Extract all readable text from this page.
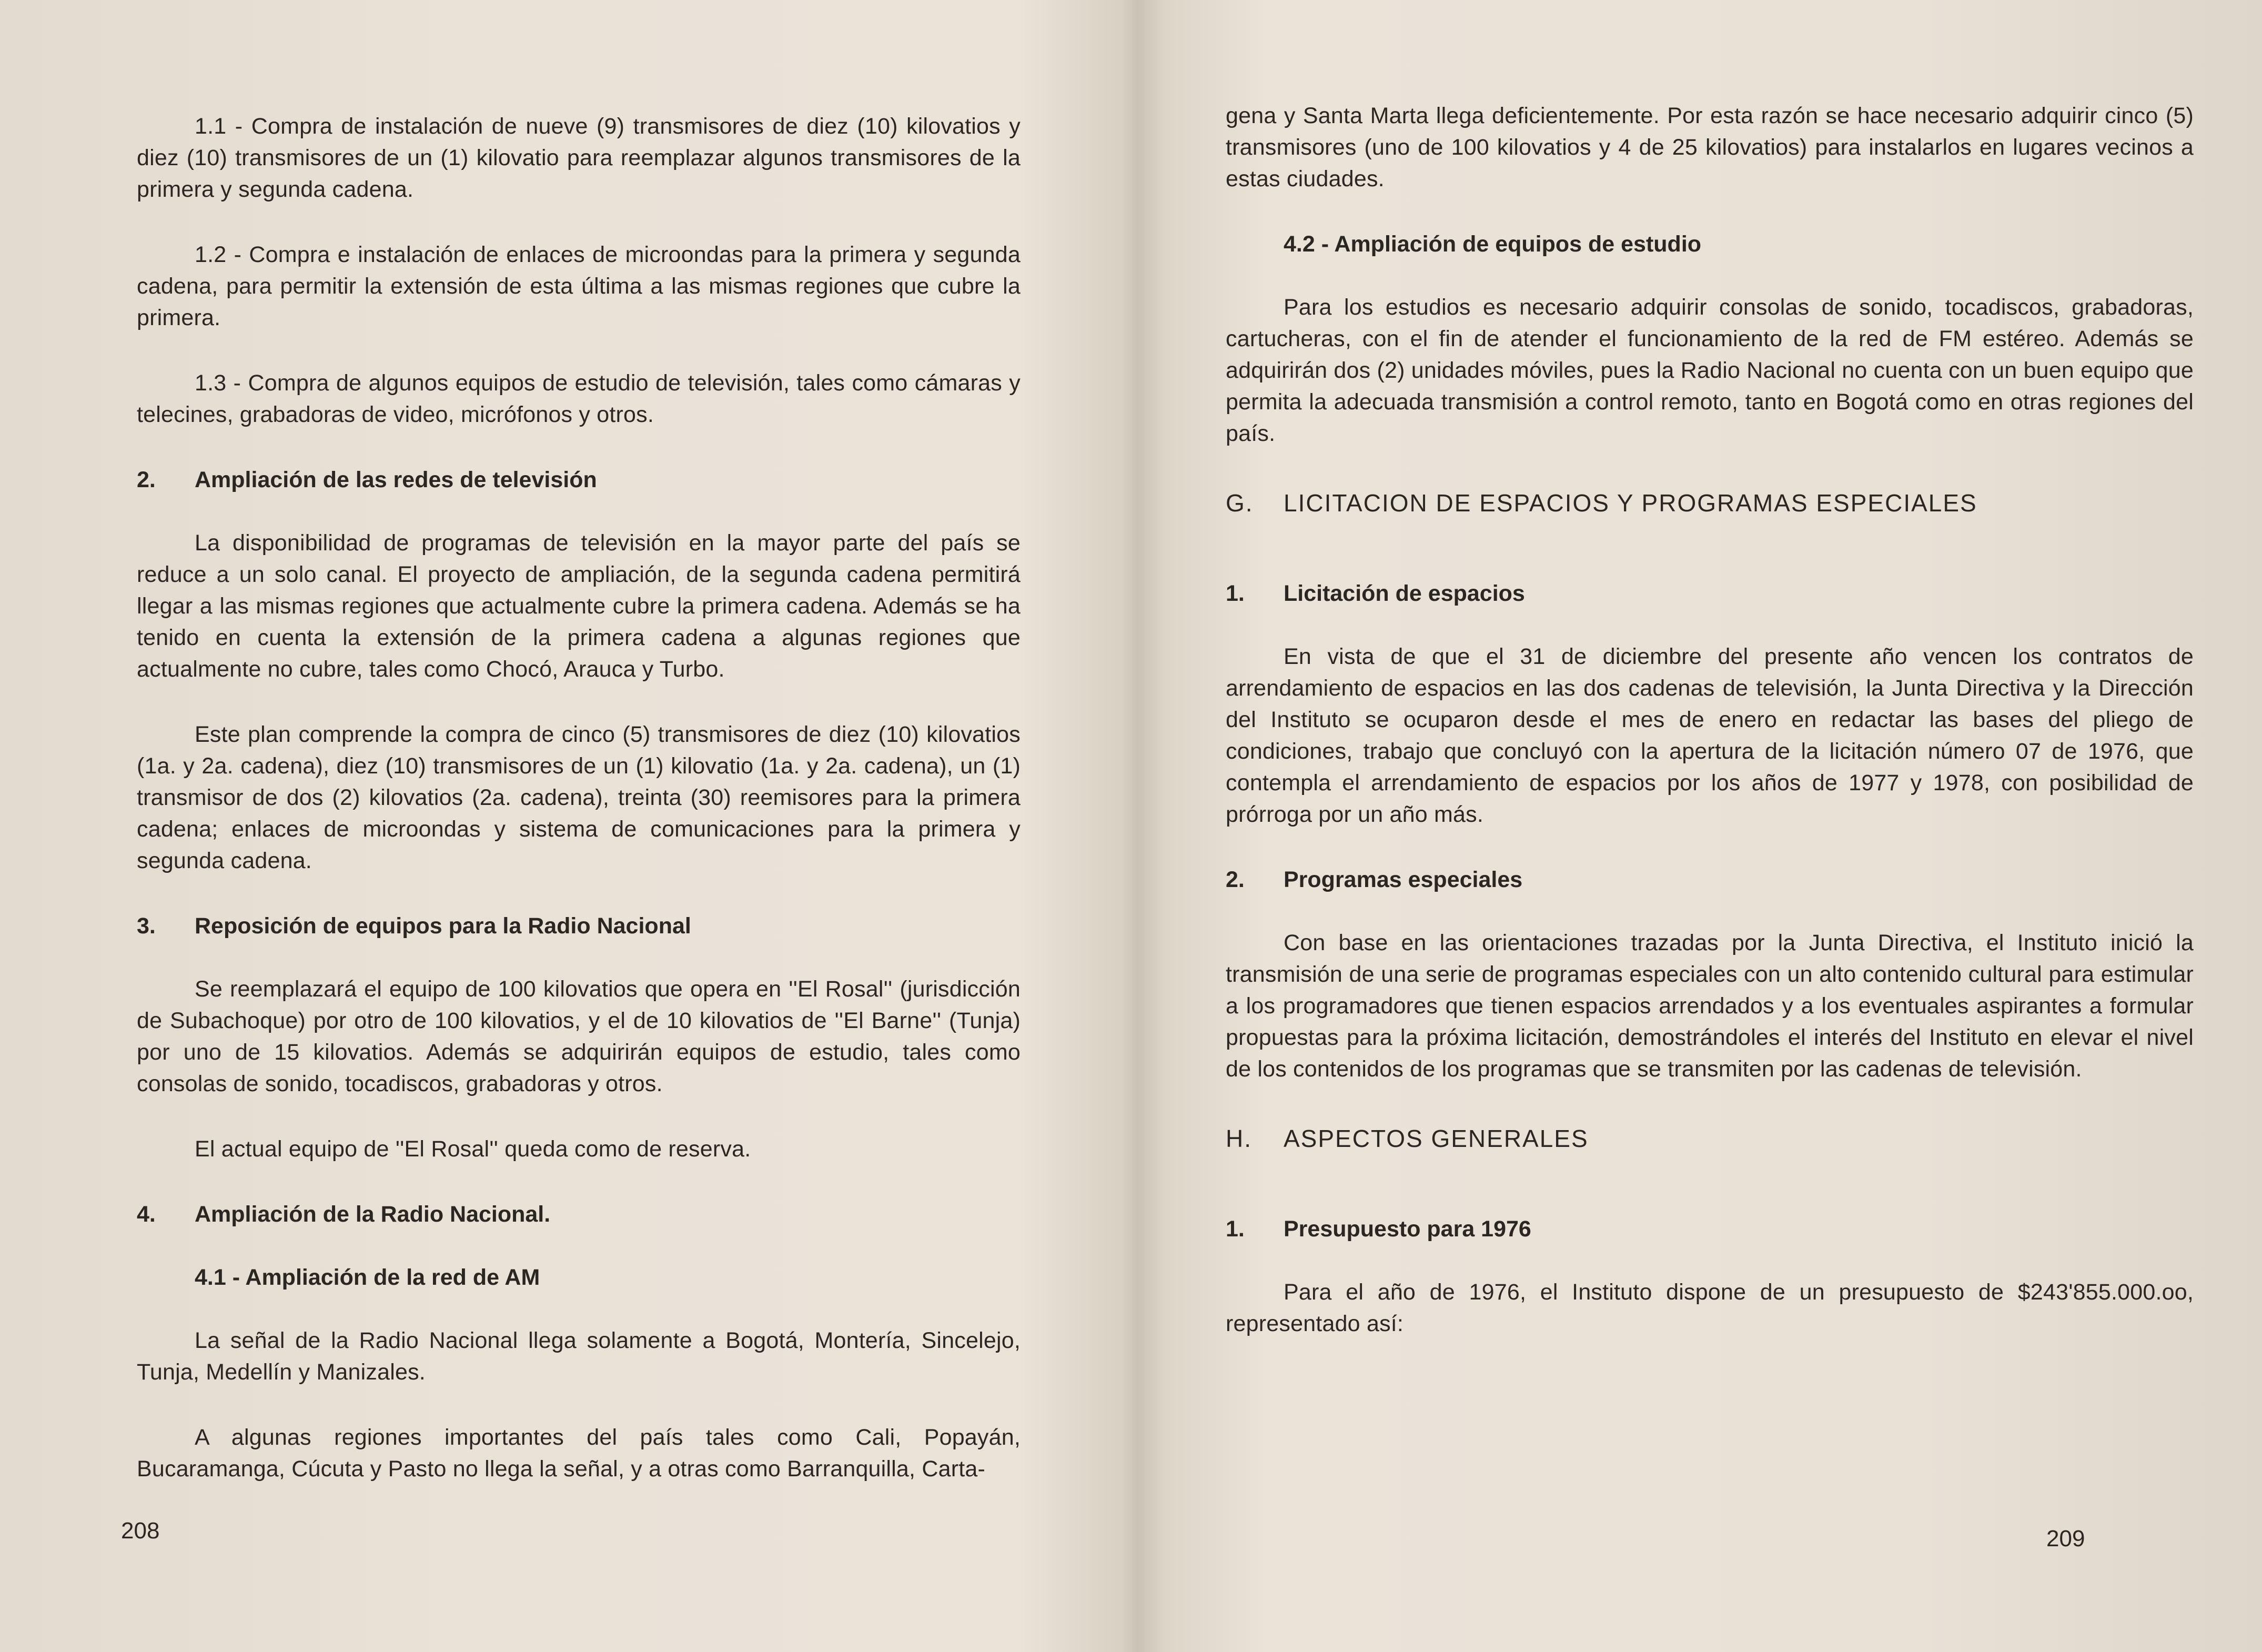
1.1 - Compra de instalación de nueve (9) transmisores de diez (10) kilovatios y diez (10) transmisores de un (1) kilovatio para reemplazar algunos transmisores de la primera y segunda cadena.

1.2 - Compra e instalación de enlaces de microondas para la primera y segunda cadena, para permitir la extensión de esta última a las mismas regiones que cubre la primera.

1.3 - Compra de algunos equipos de estudio de televisión, tales como cámaras y telecines, grabadoras de video, micrófonos y otros.

2.	Ampliación de las redes de televisión

La disponibilidad de programas de televisión en la mayor parte del país se reduce a un solo canal. El proyecto de ampliación, de la segunda cadena permitirá llegar a las mismas regiones que actualmente cubre la primera cadena. Además se ha tenido en cuenta la extensión de la primera cadena a algunas regiones que actualmente no cubre, tales como Chocó, Arauca y Turbo.

Este plan comprende la compra de cinco (5) transmisores de diez (10) kilovatios (1a. y 2a. cadena), diez (10) transmisores de un (1) kilovatio (1a. y 2a. cadena), un (1) transmisor de dos (2) kilovatios (2a. cadena), treinta (30) reemisores para la primera cadena; enlaces de microondas y sistema de comunicaciones para la primera y segunda cadena.

3.	Reposición de equipos para la Radio Nacional

Se reemplazará el equipo de 100 kilovatios que opera en ''El Rosal'' (jurisdicción de Subachoque) por otro de 100 kilovatios, y el de 10 kilovatios de ''El Barne'' (Tunja) por uno de 15 kilovatios. Además se adquirirán equipos de estudio, tales como consolas de sonido, tocadiscos, grabadoras y otros.

El actual equipo de ''El Rosal'' queda como de reserva.

4.	Ampliación de la Radio Nacional.
4.1 - Ampliación de la red de AM

La señal de la Radio Nacional llega solamente a Bogotá, Montería, Sincelejo, Tunja, Medellín y Manizales.

A algunas regiones importantes del país tales como Cali, Popayán, Bucaramanga, Cúcuta y Pasto no llega la señal, y a otras como Barranquilla, Carta-

208

gena y Santa Marta llega deficientemente. Por esta razón se hace necesario adquirir cinco (5) transmisores (uno de 100 kilovatios y 4 de 25 kilovatios) para instalarlos en lugares vecinos a estas ciudades.

4.2 - Ampliación de equipos de estudio

Para los estudios es necesario adquirir consolas de sonido, tocadiscos, grabadoras, cartucheras, con el fin de atender el funcionamiento de la red de FM estéreo. Además se adquirirán dos (2) unidades móviles, pues la Radio Nacional no cuenta con un buen equipo que permita la adecuada transmisión a control remoto, tanto en Bogotá como en otras regiones del país.

G.	LICITACION DE ESPACIOS Y PROGRAMAS ESPECIALES
1.	Licitación de espacios

En vista de que el 31 de diciembre del presente año vencen los contratos de arrendamiento de espacios en las dos cadenas de televisión, la Junta Directiva y la Dirección del Instituto se ocuparon desde el mes de enero en redactar las bases del pliego de condiciones, trabajo que concluyó con la apertura de la licitación número 07 de 1976, que contempla el arrendamiento de espacios por los años de 1977 y 1978, con posibilidad de prórroga por un año más.

2.	Programas especiales

Con base en las orientaciones trazadas por la Junta Directiva, el Instituto inició la transmisión de una serie de programas especiales con un alto contenido cultural para estimular a los programadores que tienen espacios arrendados y a los eventuales aspirantes a formular propuestas para la próxima licitación, demostrándoles el interés del Instituto en elevar el nivel de los contenidos de los programas que se transmiten por las cadenas de televisión.

H.	ASPECTOS GENERALES
1.	Presupuesto para 1976

Para el año de 1976, el Instituto dispone de un presupuesto de $243'855.000.oo, representado así:

209
